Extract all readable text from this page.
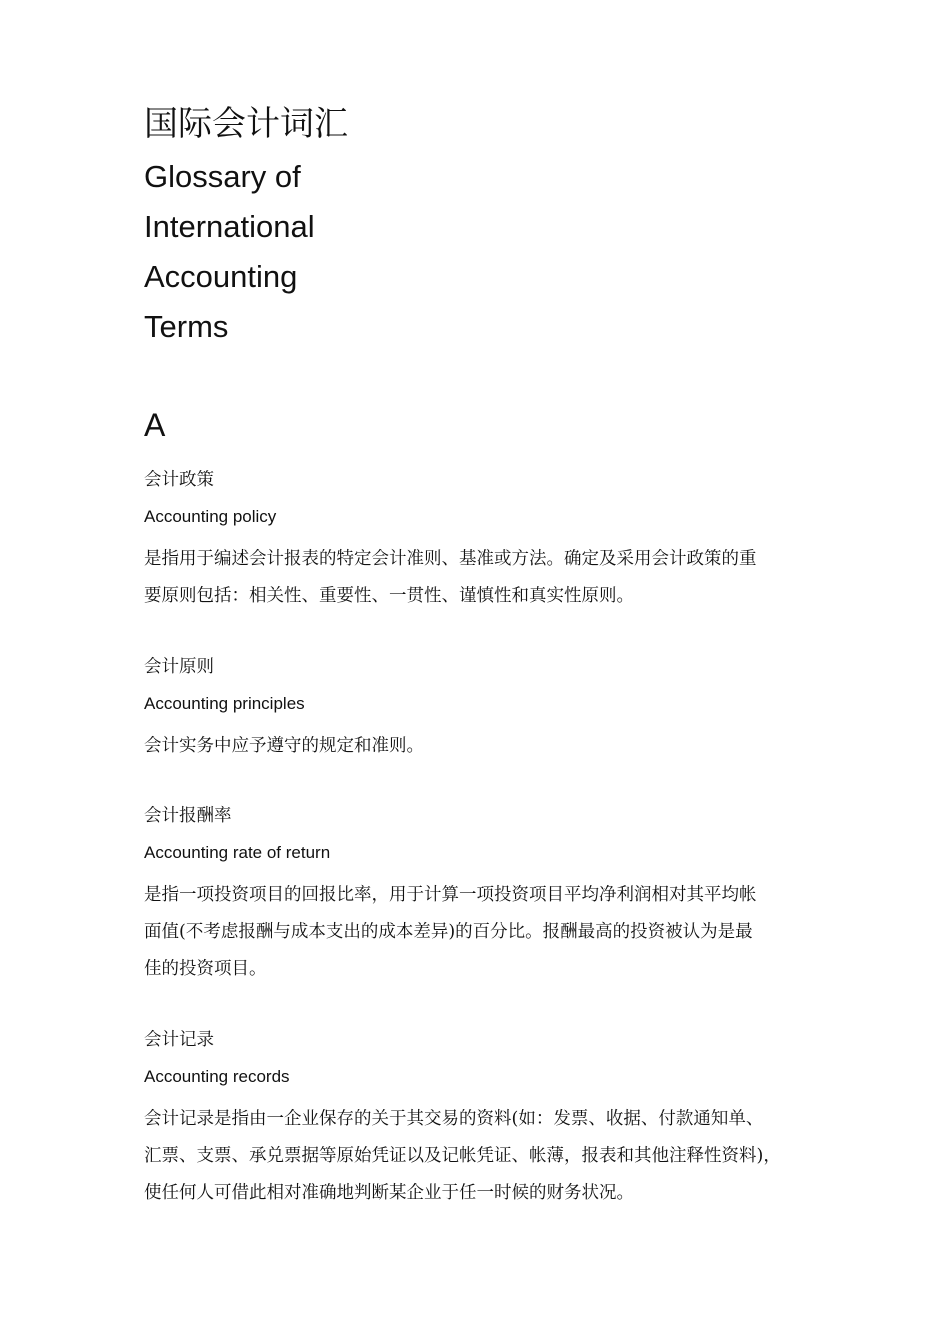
国际会计词汇
Glossary of
International
Accounting
Terms
A

会计政策

Accounting policy

是指用于编述会计报表的特定会计准则、基准或方法。确定及采用会计政策的重
要原则包括：相关性、重要性、一贯性、谨慎性和真实性原则。

会计原则

Accounting principles

会计实务中应予遵守的规定和准则。

会计报酬率

Accounting rate of return

是指一项投资项目的回报比率，用于计算一项投资项目平均净利润相对其平均帐
面值(不考虑报酬与成本支出的成本差异)的百分比。报酬最高的投资被认为是最
佳的投资项目。

会计记录

Accounting records

会计记录是指由一企业保存的关于其交易的资料(如：发票、收据、付款通知单、
汇票、支票、承兑票据等原始凭证以及记帐凭证、帐薄，报表和其他注释性资料)，
使任何人可借此相对准确地判断某企业于任一时候的财务状况。
